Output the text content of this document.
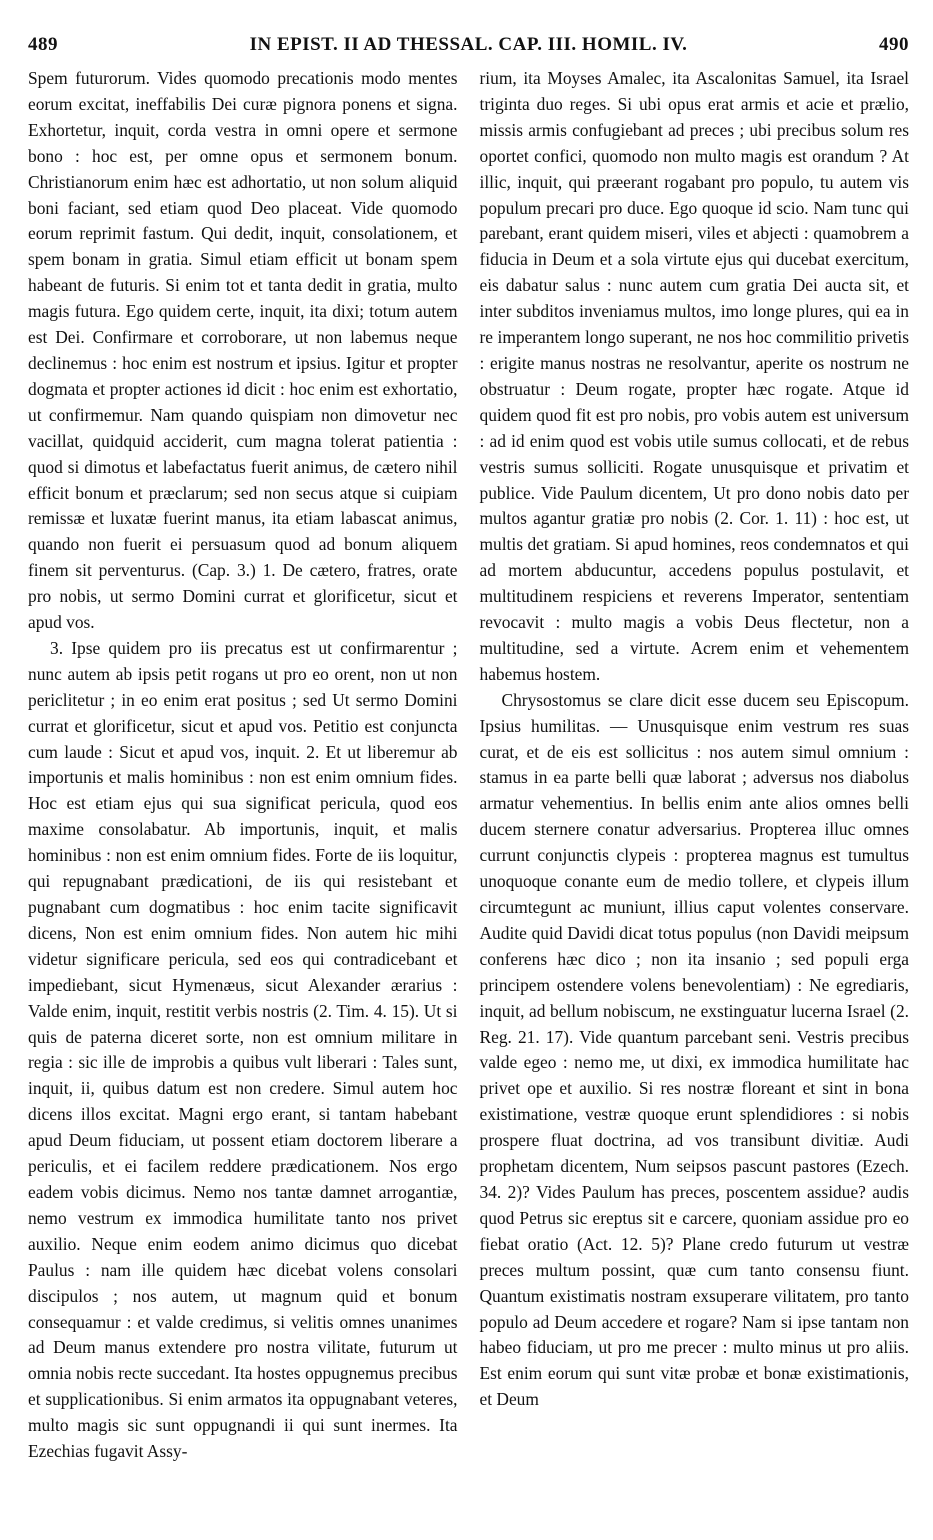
489	IN EPIST. II AD THESSAL. CAP. III. HOMIL. IV.	490

Spem futurorum. Vides quomodo precationis modo mentes eorum excitat, ineffabilis Dei curæ pignora ponens et signa. Exhortetur, inquit, corda vestra in omni opere et sermone bono : hoc est, per omne opus et sermonem bonum. Christianorum enim hæc est adhortatio, ut non solum aliquid boni faciant, sed etiam quod Deo placeat. Vide quomodo eorum reprimit fastum. Qui dedit, inquit, consolationem, et spem bonam in gratia. Simul etiam efficit ut bonam spem habeant de futuris. Si enim tot et tanta dedit in gratia, multo magis futura. Ego quidem certe, inquit, ita dixi; totum autem est Dei. Confirmare et corroborare, ut non labemus neque declinemus : hoc enim est nostrum et ipsius. Igitur et propter dogmata et propter actiones id dicit : hoc enim est exhortatio, ut confirmemur. Nam quando quispiam non dimovetur nec vacillat, quidquid acciderit, cum magna tolerat patientia : quod si dimotus et labefactatus fuerit animus, de cætero nihil efficit bonum et præclarum; sed non secus atque si cuipiam remissæ et luxatæ fuerint manus, ita etiam labascat animus, quando non fuerit ei persuasum quod ad bonum aliquem finem sit perventurus. (Cap. 3.) 1. De cætero, fratres, orate pro nobis, ut sermo Domini currat et glorificetur, sicut et apud vos.

3. Ipse quidem pro iis precatus est ut confirmarentur ; nunc autem ab ipsis petit rogans ut pro eo orent, non ut non periclitetur ; in eo enim erat positus ; sed Ut sermo Domini currat et glorificetur, sicut et apud vos. Petitio est conjuncta cum laude : Sicut et apud vos, inquit. 2. Et ut liberemur ab importunis et malis hominibus : non est enim omnium fides. Hoc est etiam ejus qui sua significat pericula, quod eos maxime consolabatur. Ab importunis, inquit, et malis hominibus : non est enim omnium fides. Forte de iis loquitur, qui repugnabant prædicationi, de iis qui resistebant et pugnabant cum dogmatibus : hoc enim tacite significavit dicens, Non est enim omnium fides. Non autem hic mihi videtur significare pericula, sed eos qui contradicebant et impediebant, sicut Hymenæus, sicut Alexander ærarius : Valde enim, inquit, restitit verbis nostris (2. Tim. 4. 15). Ut si quis de paterna diceret sorte, non est omnium militare in regia : sic ille de improbis a quibus vult liberari : Tales sunt, inquit, ii, quibus datum est non credere. Simul autem hoc dicens illos excitat. Magni ergo erant, si tantam habebant apud Deum fiduciam, ut possent etiam doctorem liberare a periculis, et ei facilem reddere prædicationem. Nos ergo eadem vobis dicimus. Nemo nos tantæ damnet arrogantiæ, nemo vestrum ex immodica humilitate tanto nos privet auxilio. Neque enim eodem animo dicimus quo dicebat Paulus : nam ille quidem hæc dicebat volens consolari discipulos ; nos autem, ut magnum quid et bonum consequamur : et valde credimus, si velitis omnes unanimes ad Deum manus extendere pro nostra vilitate, futurum ut omnia nobis recte succedant. Ita hostes oppugnemus precibus et supplicationibus. Si enim armatos ita oppugnabant veteres, multo magis sic sunt oppugnandi ii qui sunt inermes. Ita Ezechias fugavit Assy-

rium, ita Moyses Amalec, ita Ascalonitas Samuel, ita Israel triginta duo reges. Si ubi opus erat armis et acie et prælio, missis armis confugiebant ad preces ; ubi precibus solum res oportet confici, quomodo non multo magis est orandum ? At illic, inquit, qui præerant rogabant pro populo, tu autem vis populum precari pro duce. Ego quoque id scio. Nam tunc qui parebant, erant quidem miseri, viles et abjecti : quamobrem a fiducia in Deum et a sola virtute ejus qui ducebat exercitum, eis dabatur salus : nunc autem cum gratia Dei aucta sit, et inter subditos inveniamus multos, imo longe plures, qui ea in re imperantem longo superant, ne nos hoc commilitio privetis : erigite manus nostras ne resolvantur, aperite os nostrum ne obstruatur : Deum rogate, propter hæc rogate. Atque id quidem quod fit est pro nobis, pro vobis autem est universum : ad id enim quod est vobis utile sumus collocati, et de rebus vestris sumus solliciti. Rogate unusquisque et privatim et publice. Vide Paulum dicentem, Ut pro dono nobis dato per multos agantur gratiæ pro nobis (2. Cor. 1. 11) : hoc est, ut multis det gratiam. Si apud homines, reos condemnatos et qui ad mortem abducuntur, accedens populus postulavit, et multitudinem respiciens et reverens Imperator, sententiam revocavit : multo magis a vobis Deus flectetur, non a multitudine, sed a virtute. Acrem enim et vehementem habemus hostem.

Chrysostomus se clare dicit esse ducem seu Episcopum. Ipsius humilitas. — Unusquisque enim vestrum res suas curat, et de eis est sollicitus : nos autem simul omnium : stamus in ea parte belli quæ laborat ; adversus nos diabolus armatur vehementius. In bellis enim ante alios omnes belli ducem sternere conatur adversarius. Propterea illuc omnes currunt conjunctis clypeis : propterea magnus est tumultus unoquoque conante eum de medio tollere, et clypeis illum circumtegunt ac muniunt, illius caput volentes conservare. Audite quid Davidi dicat totus populus (non Davidi meipsum conferens hæc dico ; non ita insanio ; sed populi erga principem ostendere volens benevolentiam) : Ne egrediaris, inquit, ad bellum nobiscum, ne exstinguatur lucerna Israel (2. Reg. 21. 17). Vide quantum parcebant seni. Vestris precibus valde egeo : nemo me, ut dixi, ex immodica humilitate hac privet ope et auxilio. Si res nostræ floreant et sint in bona existimatione, vestræ quoque erunt splendidiores : si nobis prospere fluat doctrina, ad vos transibunt divitiæ. Audi prophetam dicentem, Num seipsos pascunt pastores (Ezech. 34. 2)? Vides Paulum has preces, poscentem assidue? audis quod Petrus sic ereptus sit e carcere, quoniam assidue pro eo fiebat oratio (Act. 12. 5)? Plane credo futurum ut vestræ preces multum possint, quæ cum tanto consensu fiunt. Quantum existimatis nostram exsuperare vilitatem, pro tanto populo ad Deum accedere et rogare? Nam si ipse tantam non habeo fiduciam, ut pro me precer : multo minus ut pro aliis. Est enim eorum qui sunt vitæ probæ et bonæ existimationis, et Deum
